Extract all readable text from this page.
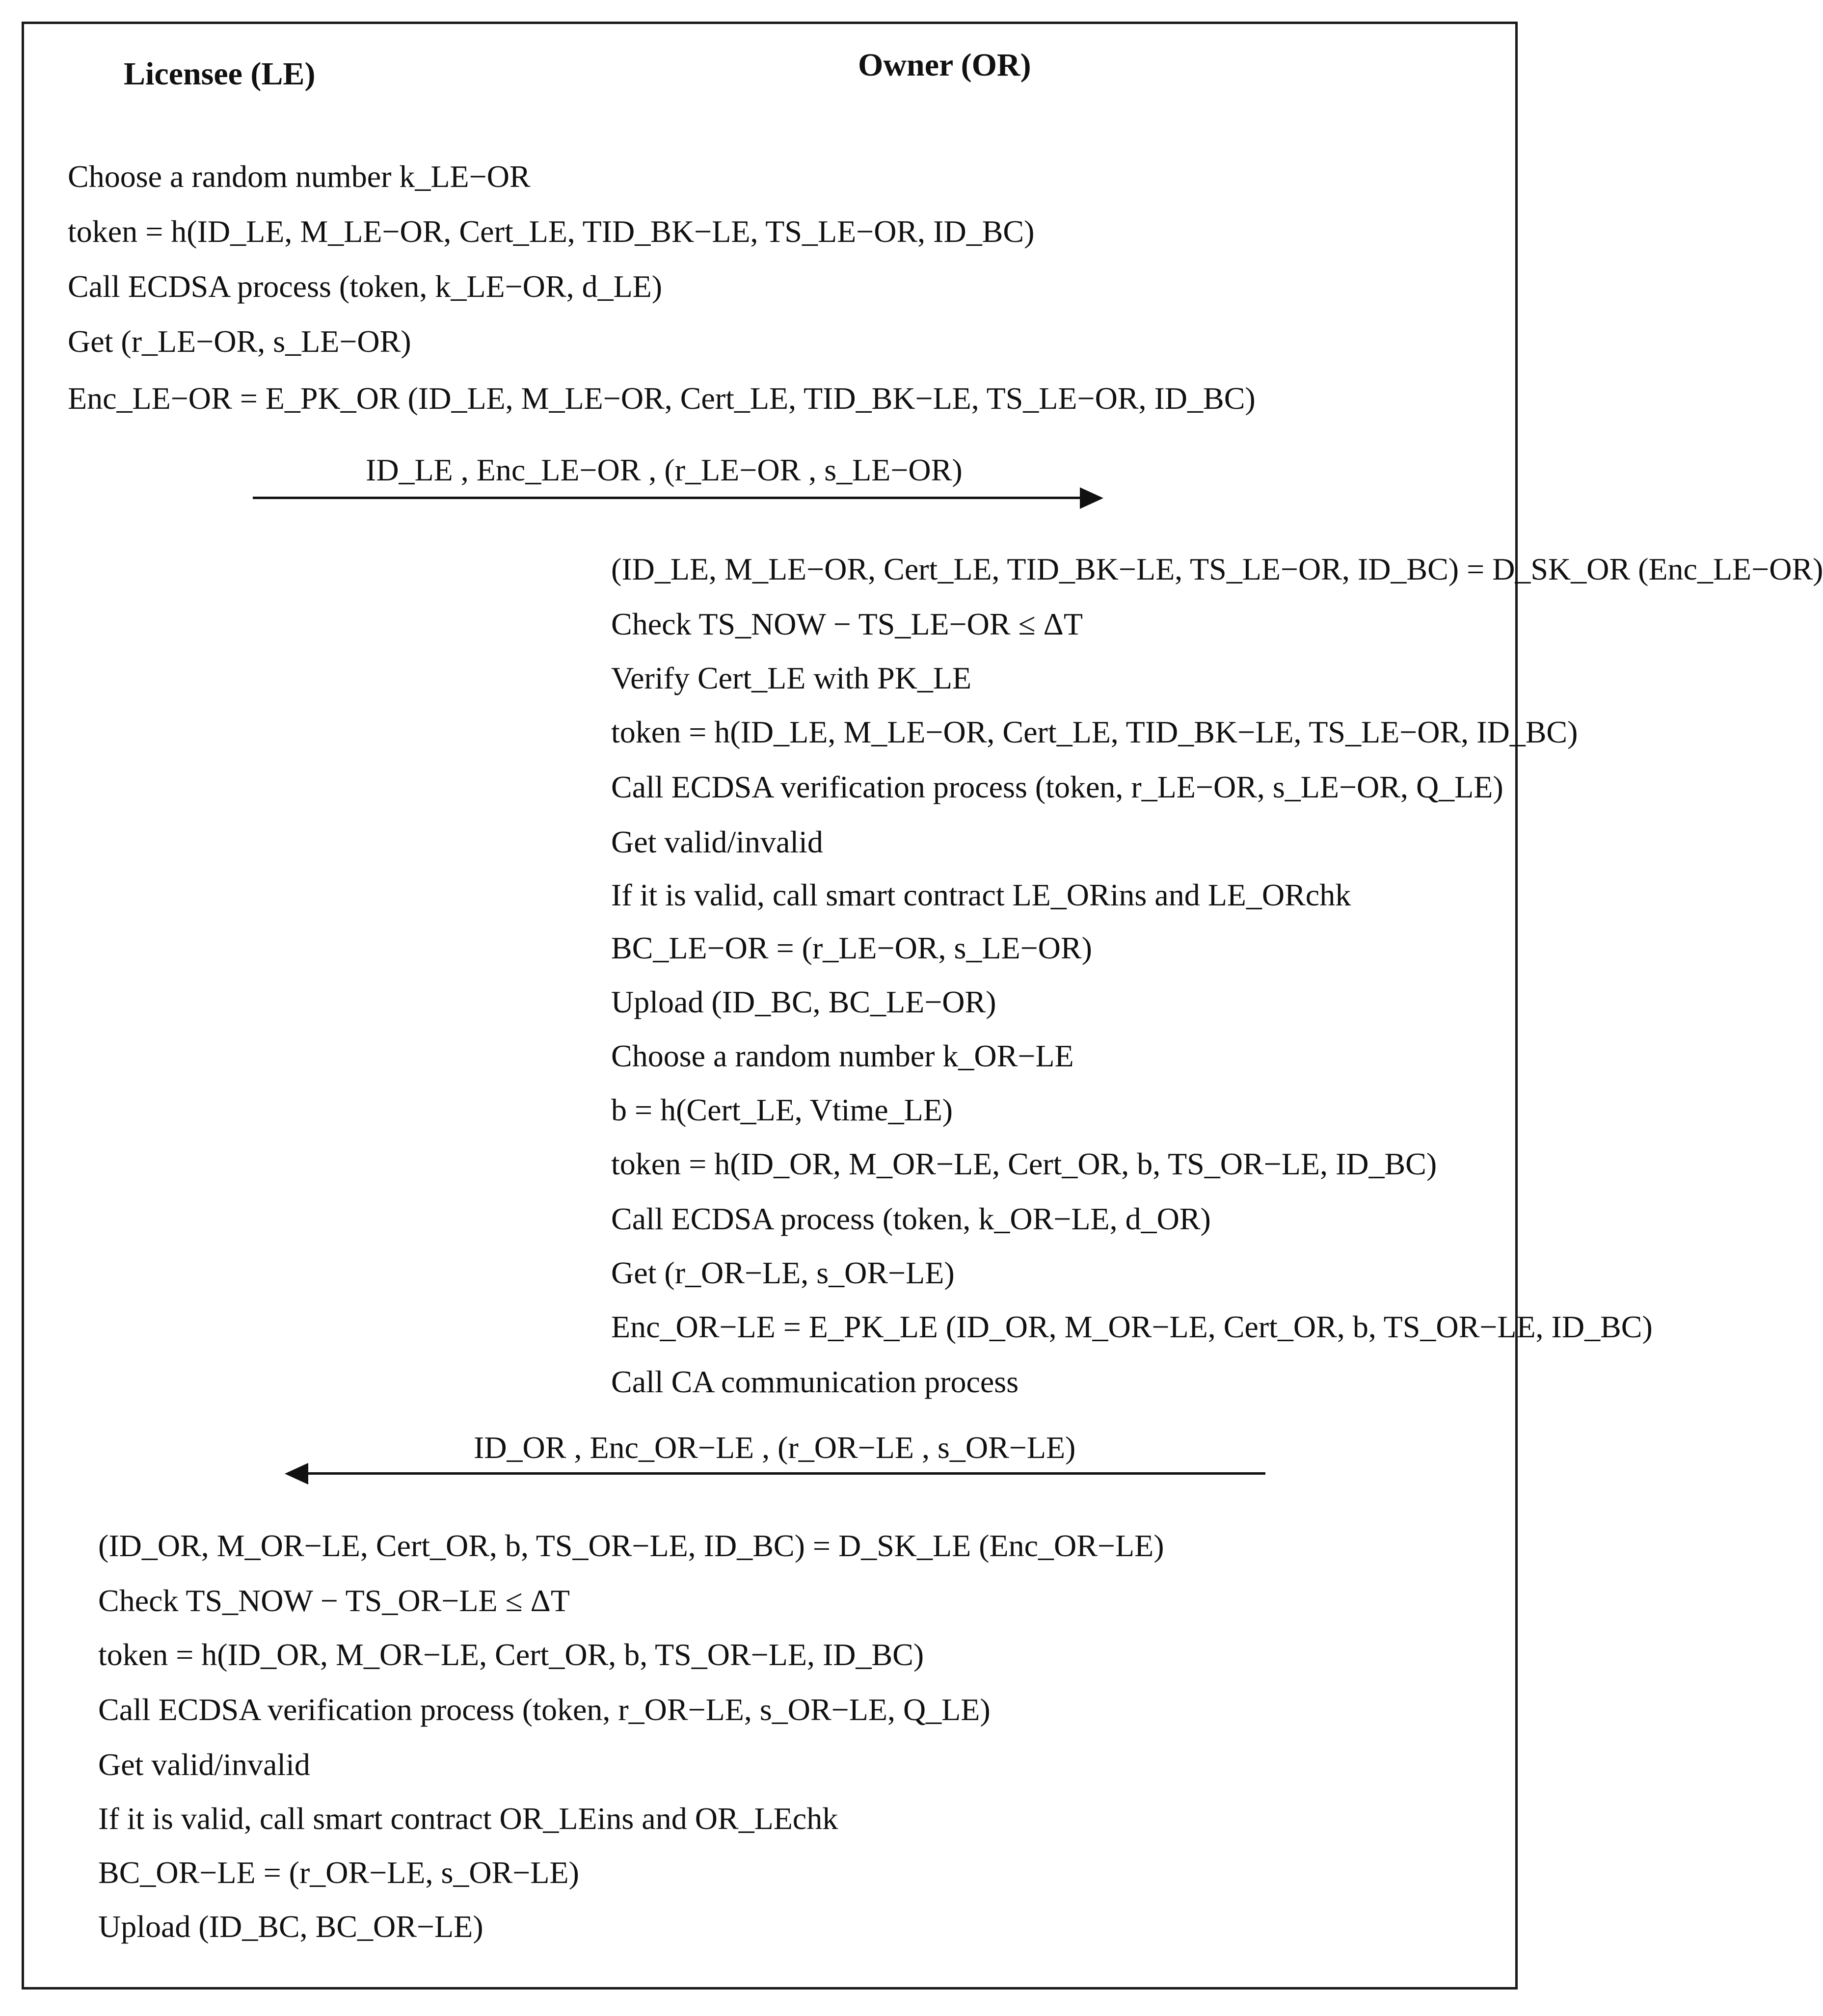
Licensee (LE)	Owner (OR)
Choose a random number k_LE−OR
token = h(ID_LE, M_LE−OR, Cert_LE, TID_BK−LE, TS_LE−OR, ID_BC)
Call ECDSA process (token, k_LE−OR, d_LE)
Get (r_LE−OR, s_LE−OR)
Enc_LE−OR = E_PK_OR (ID_LE, M_LE−OR, Cert_LE, TID_BK−LE, TS_LE−OR, ID_BC)
ID_LE , Enc_LE−OR , (r_LE−OR , s_LE−OR)
(ID_LE, M_LE−OR, Cert_LE, TID_BK−LE, TS_LE−OR, ID_BC) = D_SK_OR (Enc_LE−OR)
Check TS_NOW − TS_LE−OR ≤ ΔT
Verify Cert_LE with PK_LE
token = h(ID_LE, M_LE−OR, Cert_LE, TID_BK−LE, TS_LE−OR, ID_BC)
Call ECDSA verification process (token, r_LE−OR, s_LE−OR, Q_LE)
Get valid/invalid
If it is valid, call smart contract LE_ORins and LE_ORchk
BC_LE−OR = (r_LE−OR, s_LE−OR)
Upload (ID_BC, BC_LE−OR)
Choose a random number k_OR−LE
b = h(Cert_LE, Vtime_LE)
token = h(ID_OR, M_OR−LE, Cert_OR, b, TS_OR−LE, ID_BC)
Call ECDSA process (token, k_OR−LE, d_OR)
Get (r_OR−LE, s_OR−LE)
Enc_OR−LE = E_PK_LE (ID_OR, M_OR−LE, Cert_OR, b, TS_OR−LE, ID_BC)
Call CA communication process
ID_OR , Enc_OR−LE , (r_OR−LE , s_OR−LE)
(ID_OR, M_OR−LE, Cert_OR, b, TS_OR−LE, ID_BC) = D_SK_LE (Enc_OR−LE)
Check TS_NOW − TS_OR−LE ≤ ΔT
token = h(ID_OR, M_OR−LE, Cert_OR, b, TS_OR−LE, ID_BC)
Call ECDSA verification process (token, r_OR−LE, s_OR−LE, Q_LE)
Get valid/invalid
If it is valid, call smart contract OR_LEins and OR_LEchk
BC_OR−LE = (r_OR−LE, s_OR−LE)
Upload (ID_BC, BC_OR−LE)
